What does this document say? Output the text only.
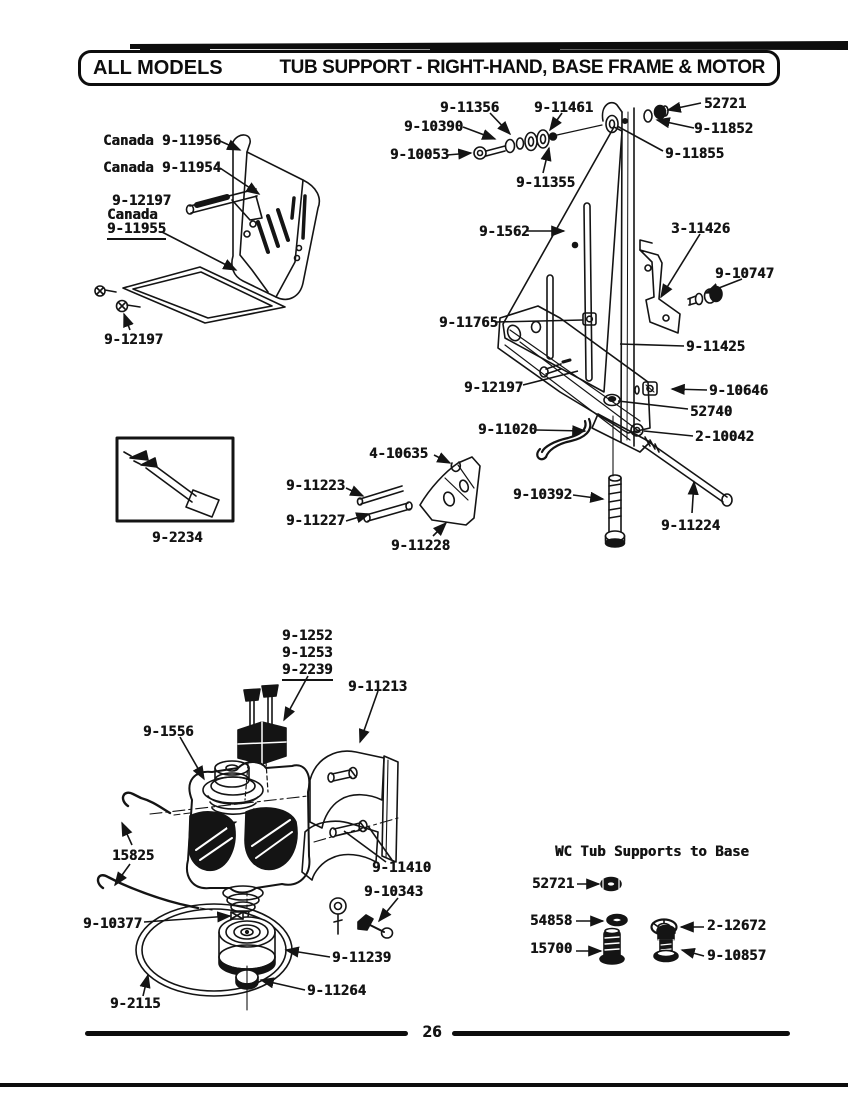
ALL MODELS	TUB SUPPORT - RIGHT-HAND, BASE FRAME & MOTOR
Canada 9-11956
Canada 9-11954
9-12197
Canada
9-11955
9-12197
9-11356 9-11461	52721
9-10390	9-11852
9-10053	9-11855
9-11355
9-1562	3-11426
9-10747
9-11765
9-11425
9-12197	9-10646
52740
9-11020	2-10042
9-10392
9-11224
9-2234
4-10635
9-11223
9-11227
9-11228
9-1252
9-1253
9-2239
9-11213
9-1556
15825
9-11410
9-10343
9-10377
9-11239
9-11264
9-2115
WC Tub Supports to Base
52721
54858	2-12672
15700	9-10857
26
